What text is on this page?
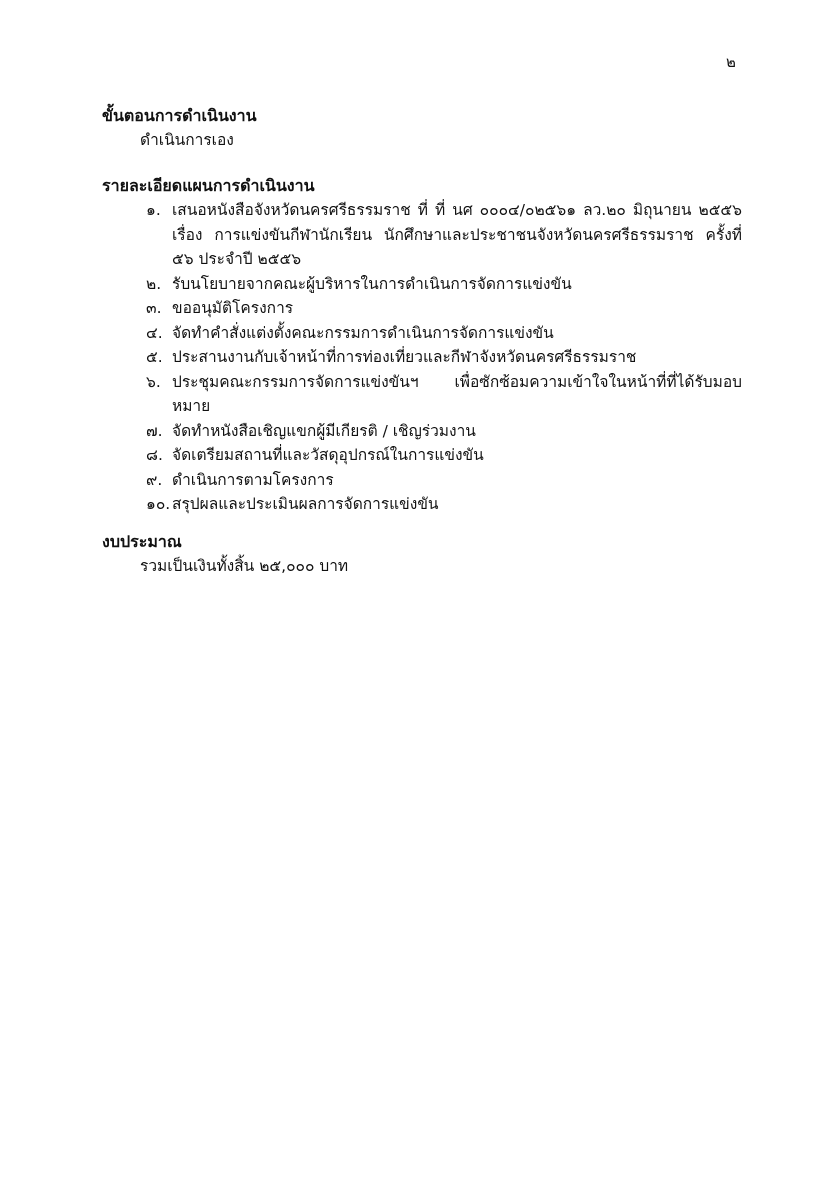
๒
ขั้นตอนการดำเนินงาน

ดำเนินการเอง

รายละเอียดแผนการดำเนินงาน
๑. เสนอหนังสือจังหวัดนครศรีธรรมราช ที่ ที่ นศ ๐๐๐๔/๐๒๕๖๑ ลว.๒๐ มิถุนายน ๒๕๕๖ เรื่อง การแข่งขันกีฬานักเรียน นักศึกษาและประชาชนจังหวัดนครศรีธรรมราช ครั้งที่ ๕๖ ประจำปี ๒๕๕๖
๒. รับนโยบายจากคณะผู้บริหารในการดำเนินการจัดการแข่งขัน
๓. ขออนุมัติโครงการ
๔. จัดทำคำสั่งแต่งตั้งคณะกรรมการดำเนินการจัดการแข่งขัน
๕. ประสานงานกับเจ้าหน้าที่การท่องเที่ยวและกีฬาจังหวัดนครศรีธรรมราช
๖. ประชุมคณะกรรมการจัดการแข่งขันฯ เพื่อซักซ้อมความเข้าใจในหน้าที่ที่ได้รับมอบหมาย
๗. จัดทำหนังสือเชิญแขกผู้มีเกียรติ / เชิญร่วมงาน
๘. จัดเตรียมสถานที่และวัสดุอุปกรณ์ในการแข่งขัน
๙. ดำเนินการตามโครงการ
๑๐. สรุปผลและประเมินผลการจัดการแข่งขัน
งบประมาณ

รวมเป็นเงินทั้งสิ้น ๒๕,๐๐๐ บาท
